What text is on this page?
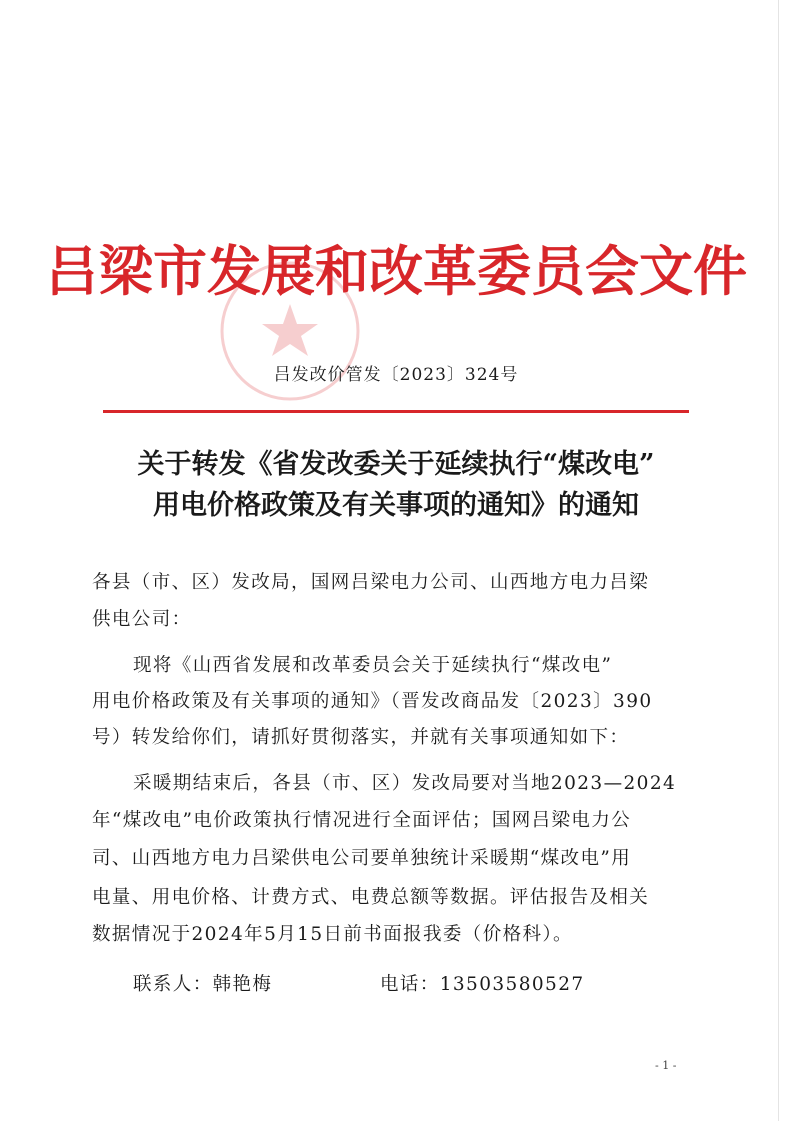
吕梁市发展和改革委员会文件
吕发改价管发〔2023〕324号
关于转发《省发改委关于延续执行“煤改电”
用电价格政策及有关事项的通知》的通知
各县（市、区）发改局，国网吕梁电力公司、山西地方电力吕梁
供电公司：
现将《山西省发展和改革委员会关于延续执行“煤改电”
用电价格政策及有关事项的通知》（晋发改商品发〔2023〕390
号）转发给你们，请抓好贯彻落实，并就有关事项通知如下：
采暖期结束后，各县（市、区）发改局要对当地2023—2024
年“煤改电”电价政策执行情况进行全面评估；国网吕梁电力公
司、山西地方电力吕梁供电公司要单独统计采暖期“煤改电”用
电量、用电价格、计费方式、电费总额等数据。评估报告及相关
数据情况于2024年5月15日前书面报我委（价格科）。
联系人：韩艳梅	电话：13503580527
- 1 -
